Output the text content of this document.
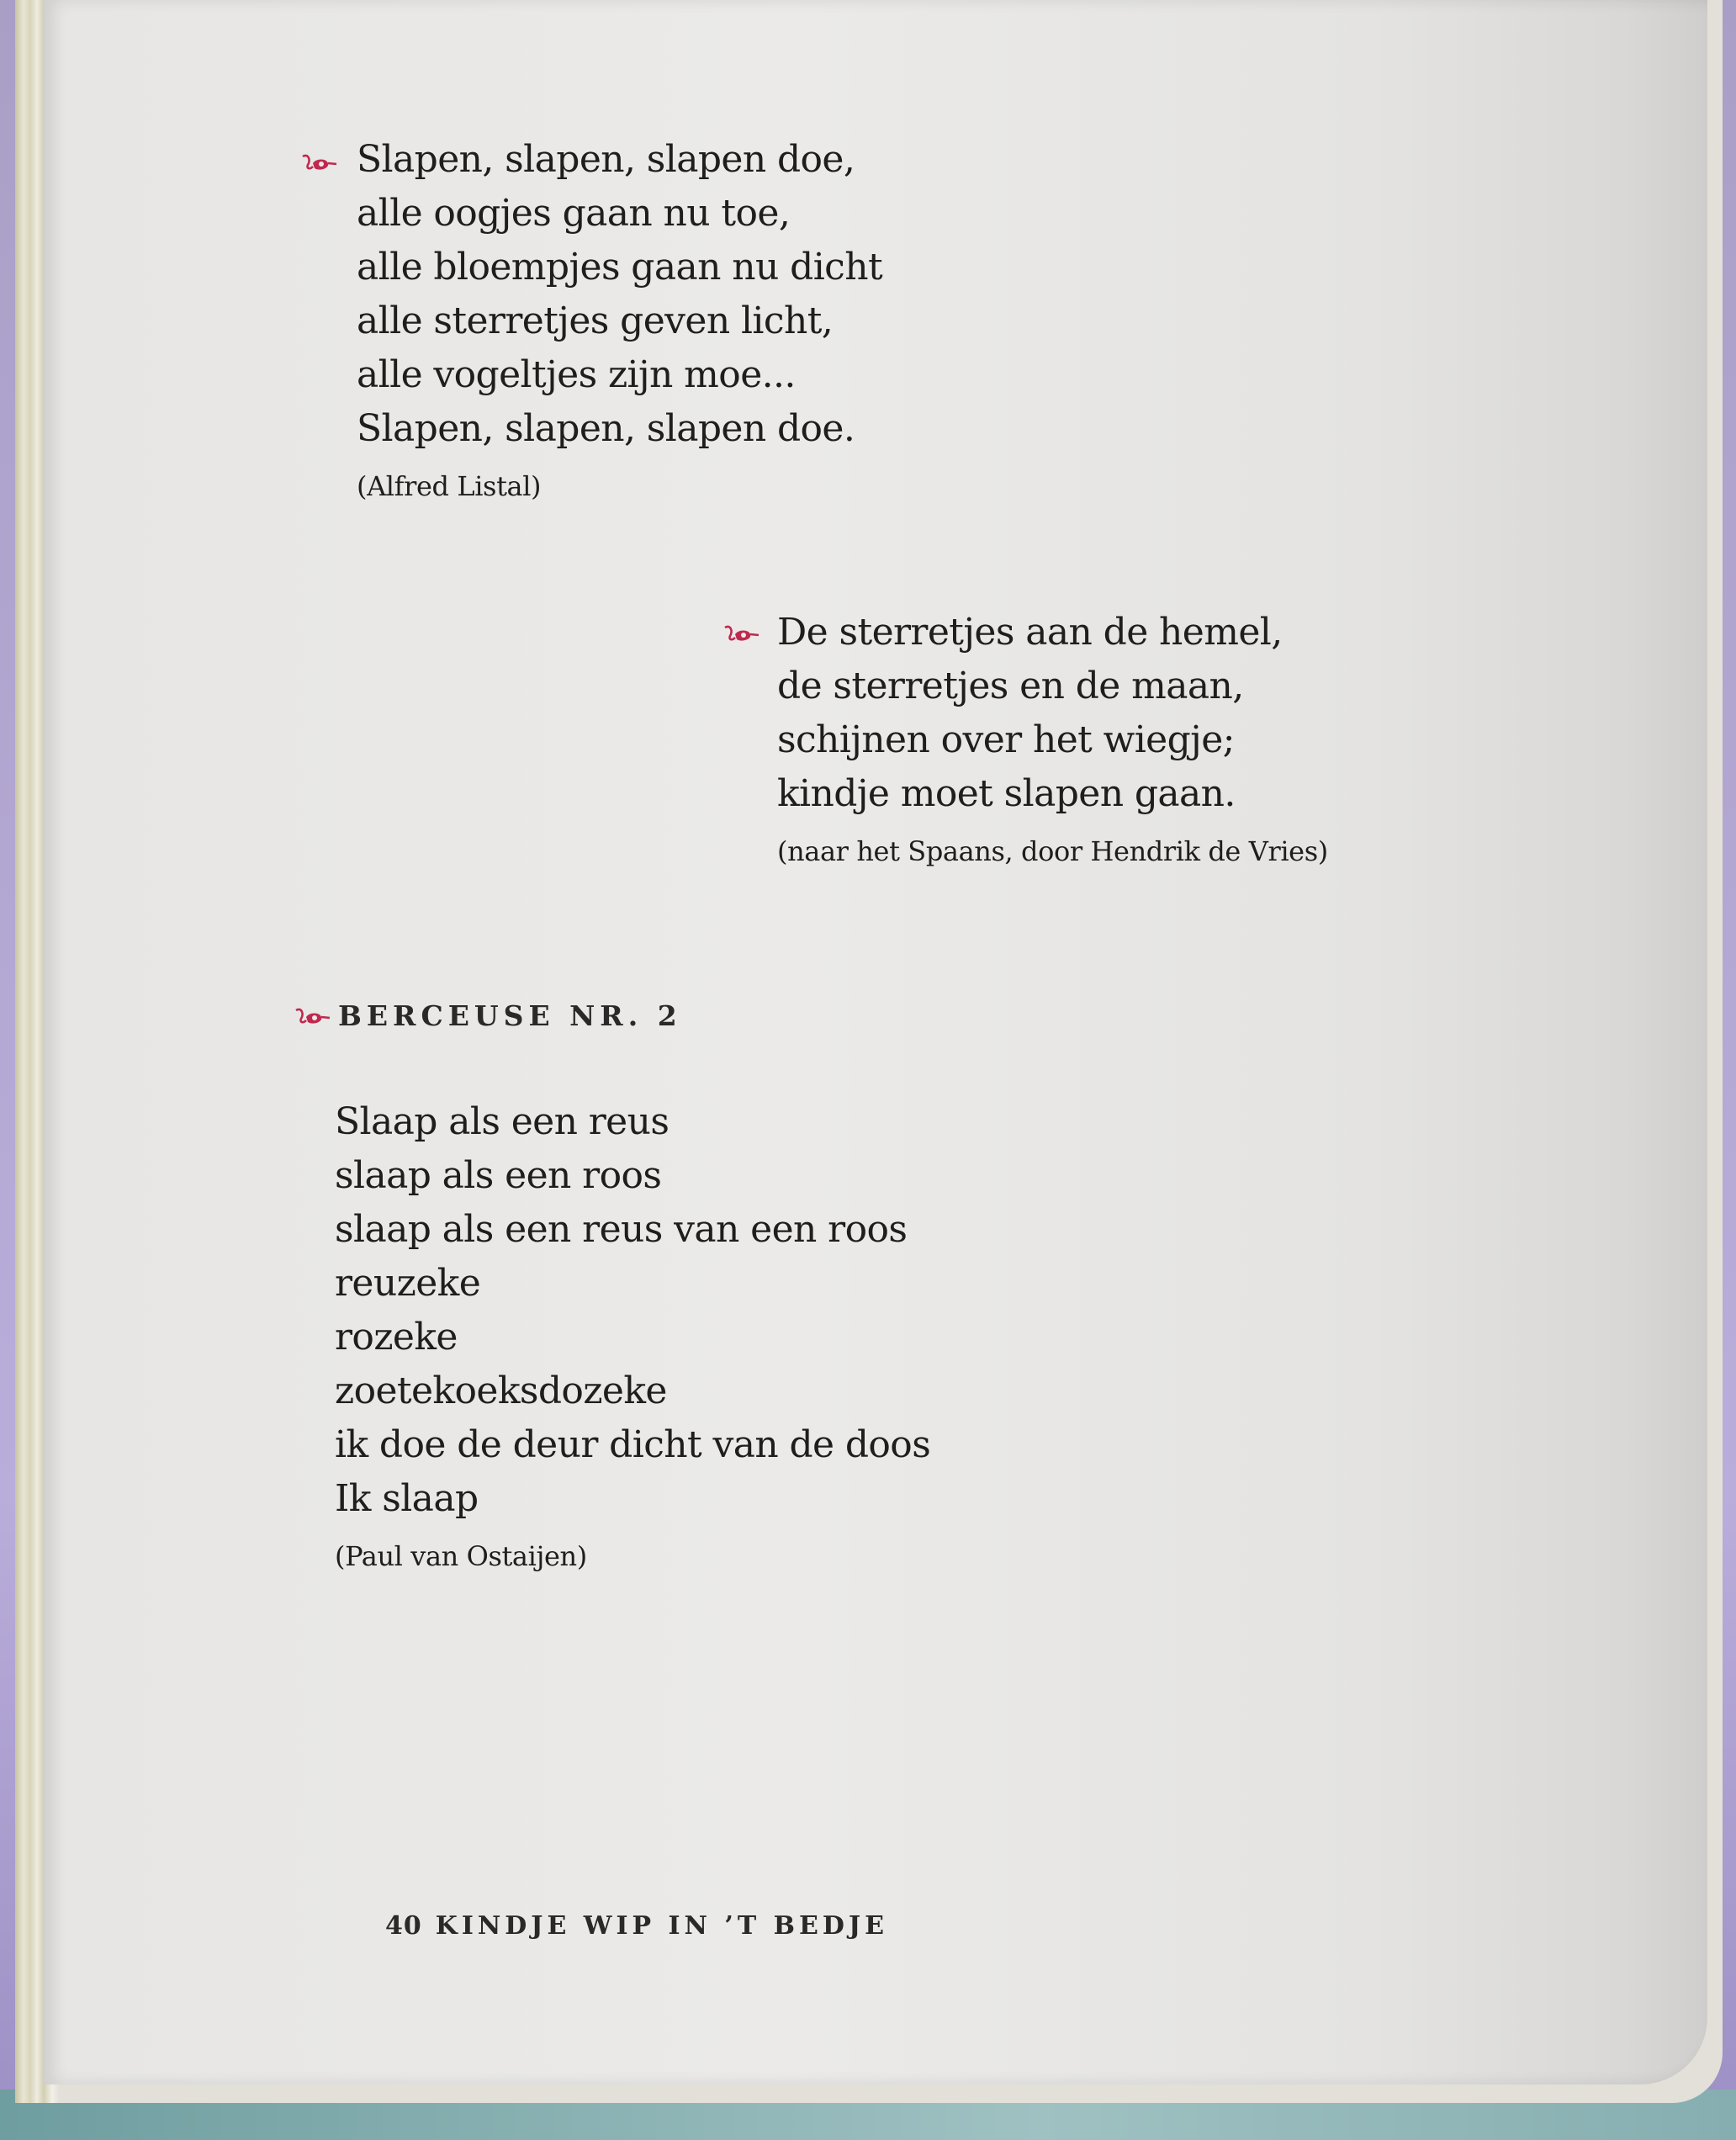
Slapen, slapen, slapen doe,
alle oogjes gaan nu toe,
alle bloempjes gaan nu dicht
alle sterretjes geven licht,
alle vogeltjes zijn moe...
Slapen, slapen, slapen doe.
(Alfred Listal)
De sterretjes aan de hemel,
de sterretjes en de maan,
schijnen over het wiegje;
kindje moet slapen gaan.
(naar het Spaans, door Hendrik de Vries)
BERCEUSE NR. 2
Slaap als een reus
slaap als een roos
slaap als een reus van een roos
reuzeke
rozeke
zoetekoeksdozeke
ik doe de deur dicht van de doos
Ik slaap
(Paul van Ostaijen)
40 KINDJE WIP IN ’T BEDJE
